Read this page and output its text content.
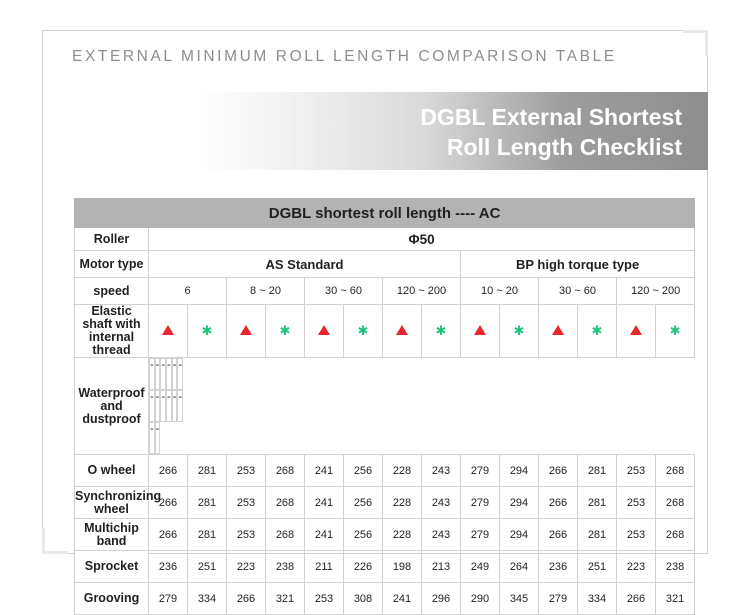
EXTERNAL MINIMUM ROLL LENGTH COMPARISON TABLE
DGBL External Shortest
Roll Length Checklist
DGBL shortest roll length ---- AC														
Roller	Φ50													
Motor type	AS Standard								BP high torque type					
speed	6		8 ~ 20		30 ~ 60		120 ~ 200		10 ~ 20		30 ~ 60		120 ~ 200	
Elastic shaft with internal thread		✱		✱		✱		✱		✱		✱		✱
Waterproof and dustproof	- - - - - -- - - - - -- -
O wheel	266	281	253	268	241	256	228	243	279	294	266	281	253	268
Synchronizing wheel	266	281	253	268	241	256	228	243	279	294	266	281	253	268
Multichip band	266	281	253	268	241	256	228	243	279	294	266	281	253	268
Sprocket	236	251	223	238	211	226	198	213	249	264	236	251	223	238
Grooving	279	334	266	321	253	308	241	296	290	345	279	334	266	321
